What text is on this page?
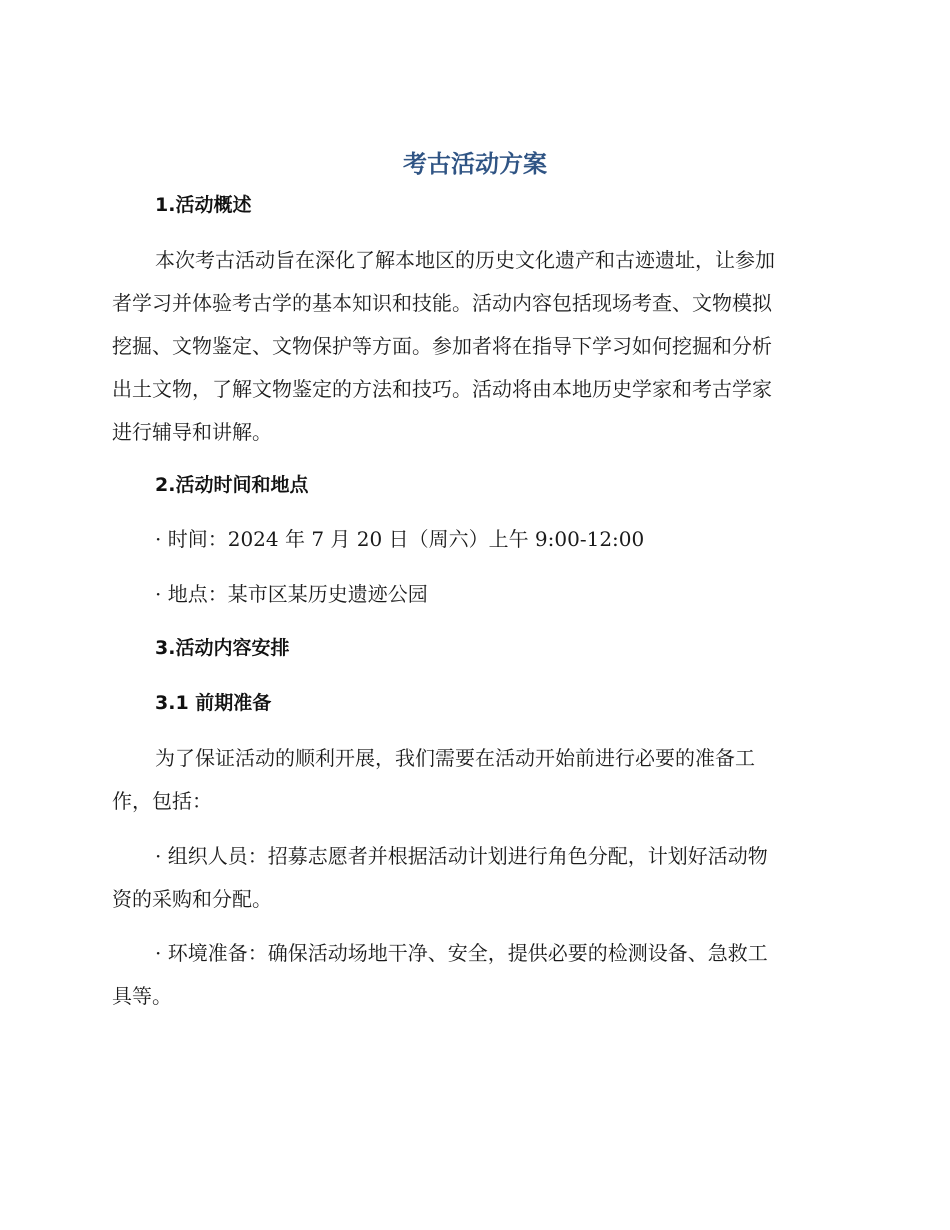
考古活动方案
1.活动概述
本次考古活动旨在深化了解本地区的历史文化遗产和古迹遗址，让参加
者学习并体验考古学的基本知识和技能。活动内容包括现场考查、文物模拟
挖掘、文物鉴定、文物保护等方面。参加者将在指导下学习如何挖掘和分析
出土文物，了解文物鉴定的方法和技巧。活动将由本地历史学家和考古学家
进行辅导和讲解。
2.活动时间和地点
· 时间：2024 年 7 月 20 日（周六）上午 9:00-12:00
· 地点：某市区某历史遗迹公园
3.活动内容安排
3.1 前期准备
为了保证活动的顺利开展，我们需要在活动开始前进行必要的准备工
作，包括：
· 组织人员：招募志愿者并根据活动计划进行角色分配，计划好活动物
资的采购和分配。
· 环境准备：确保活动场地干净、安全，提供必要的检测设备、急救工
具等。
